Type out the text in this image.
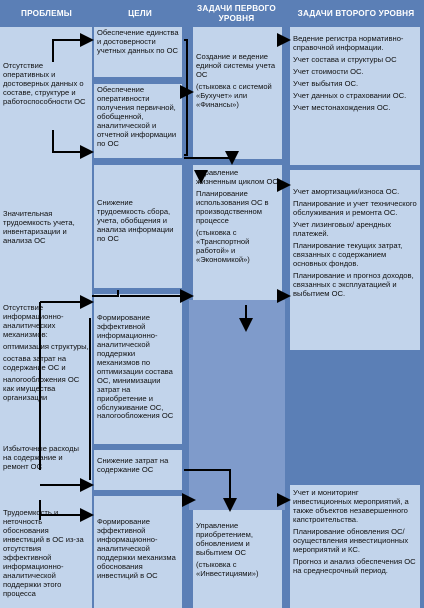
ПРОБЛЕМЫ	ЦЕЛИ
ЗАДАЧИ ПЕРВОГО УРОВНЯ
ЗАДАЧИ ВТОРОГО УРОВНЯ
Отсутствие оперативных и достоверных данных о составе, структуре и работоспособности ОС
Значительная трудоемкость учета, инвентаризации и анализа ОС
Отсутствие информационно-аналитических механизмов:
оптимизация структуры,
состава затрат на содержание ОС и
налогообложения ОС как имущества организации
Избыточные расходы на содержание и ремонт ОС
Трудоемкость и неточность обоснования инвестиций в ОС из-за отсутствия эффективной информационно-аналитической поддержки этого процесса
Обеспечение единства и достоверности учетных данных по ОС
Обеспечение оперативности получения первичной, обобщенной, аналитической и отчетной информации по ОС
Снижение трудоемкость сбора, учета, обобщения и анализа информации по ОС
Формирование эффективной информационно-аналитической поддержки механизмов по оптимизации состава ОС, минимизации затрат на приобретение и обслуживание ОС, налогообложения ОС
Снижение затрат на содержание ОС
Формирование эффективной информационно-аналитической поддержки механизма обоснования инвестиций в ОС

Создание и ведение единой системы учета ОС

(стыковка с системой «Бухучет» или «Финансы»)

Управление жизненным циклом ОС

Планирование использования ОС в производственном процессе

(стыковка с «Транспортной работой» и «Экономикой»)

Управление приобретением, обновлением и выбытием ОС

(стыковка с «Инвестициями»)

Ведение регистра нормативно-справочной информации.

Учет состава и структуры ОС

Учет стоимости ОС.

Учет выбытия ОС.

Учет данных о страховании ОС.

Учет местонахождения ОС.

Учет амортизации/износа ОС.

Планирование и учет технического обслуживания и ремонта ОС.

Учет лизинговых/ арендных платежей.

Планирование текущих затрат, связанных с содержанием основных фондов.

Планирование и прогноз доходов, связанных с эксплуатацией и выбытием ОС.

Учет и мониторинг инвестиционных мероприятий, а также объектов незавершенного капстроительства.

Планирование обновления ОС/осуществления инвестиционных мероприятий и КС.

Прогноз и анализ обеспечения ОС на среднесрочный период.
